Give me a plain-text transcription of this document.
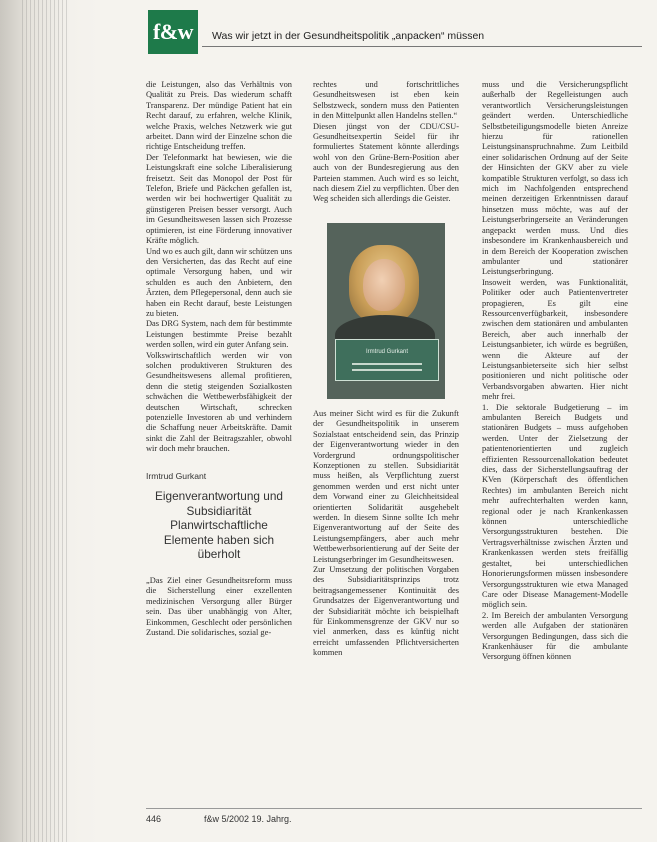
f&w	Was wir jetzt in der Gesundheitspolitik „anpacken“ müssen

die Leistungen, also das Verhältnis von Qualität zu Preis. Das wiederum schafft Transparenz. Der mündige Patient hat ein Recht darauf, zu erfahren, welche Klinik, welche Praxis, welches Netzwerk wie gut arbeitet. Dann wird der Einzelne schon die richtige Entscheidung treffen.

Der Telefonmarkt hat bewiesen, wie die Leistungskraft eine solche Liberalisierung freisetzt. Seit das Monopol der Post für Telefon, Briefe und Päckchen gefallen ist, werden wir bei hochwertiger Qualität zu günstigeren Preisen besser versorgt. Auch im Gesundheitswesen lassen sich Prozesse optimieren, ist eine Förderung innovativer Kräfte möglich.

Und wo es auch gilt, dann wir schützen uns den Versicherten, das das Recht auf eine optimale Versorgung haben, und wir schulden es auch den Anbietern, den Ärzten, dem Pflegepersonal, denn auch sie haben ein Recht darauf, beste Leistungen zu bieten.

Das DRG System, nach dem für bestimmte Leistungen bestimmte Preise bezahlt werden sollen, wird ein guter Anfang sein.

Volkswirtschaftlich werden wir von solchen produktiveren Strukturen des Gesundheitswesens allemal profitieren, denn die stetig steigenden Sozialkosten schwächen die Wettbewerbsfähigkeit der deutschen Wirtschaft, schrecken potenzielle Investoren ab und verhindern die Schaffung neuer Arbeitskräfte. Damit sinkt die Zahl der Beitragszahler, obwohl wir doch mehr brauchen.

Irmtrud Gurkant
Eigenverantwortung und Subsidiarität Planwirtschaftliche Elemente haben sich überholt

„Das Ziel einer Gesundheitsreform muss die Sicherstellung einer exzellenten medizinischen Versorgung aller Bürger sein. Das über unabhängig von Alter, Einkommen, Geschlecht oder persönlichen Zustand. Die solidarisches, sozial ge-

rechtes und fortschrittliches Gesundheitswesen ist eben kein Selbstzweck, sondern muss den Patienten in den Mittelpunkt allen Handelns stellen.“

Diesen jüngst von der CDU/CSU-Gesundheitsexpertin Seidel für ihr formuliertes Statement könnte allerdings wohl von den Grüne-Bern-Position aber auch von der Bundesregierung aus den Parteien stammen. Auch wird es so leicht, nach diesem Ziel zu verpflichten. Über den Weg scheiden sich allerdings die Geister.

Irmtrud Gurkant

Aus meiner Sicht wird es für die Zukunft der Gesundheitspolitik in unserem Sozialstaat entscheidend sein, das Prinzip der Eigenverantwortung wieder in den Vordergrund ordnungspolitischer Konzeptionen zu stellen. Subsidiarität muss heißen, als Verpflichtung zuerst genommen werden und erst nicht unter dem Vorwand einer zu Gleichheitsideal orientierten Solidarität ausgehebelt werden. In diesem Sinne sollte Ich mehr Eigenverantwortung auf der Seite des Leistungsempfängers, aber auch mehr Wettbewerbsorientierung auf der Seite der Leistungserbringer im Gesundheitswesen.

Zur Umsetzung der politischen Vorgaben des Subsidiaritätsprinzips trotz beitragsangemessener Kontinuität des Grundsatzes der Eigenverantwortung und der Subsidiarität möchte ich beispielhaft für Einkommensgrenze der GKV nur so viel anmerken, dass es künftig nicht erreicht umfassenden Pflichtversicherten kommen

muss und die Versicherungspflicht außerhalb der Regelleistungen auch verantwortlich Versicherungsleistungen geändert werden. Unterschiedliche Selbstbeteiligungsmodelle bieten Anreize hierzu für rationellen Leistungsinanspruchnahme. Zum Leitbild einer solidarischen Ordnung auf der Seite der Hinsichten der GKV aber zu viele kompatible Strukturen verfolgt, so dass ich mich im Nachfolgenden entsprechend meinen derzeitigen Erkenntnissen darauf hinsetzen muss möchte, was auf der Leistungserbringerseite an Veränderungen angepackt werden muss. Und dies insbesondere im Krankenhausbereich und in dem Bereich der Kooperation zwischen ambulanter und stationärer Leistungserbringung.

Insoweit werden, was Funktionalität, Politiker oder auch Patientenvertreter propagieren, Es gilt eine Ressourcenverfügbarkeit, insbesondere zwischen dem stationären und ambulanten Bereich, aber auch innerhalb der Leistungsanbieter, ich würde es begrüßen, wenn die Akteure auf der Leistungsanbieterseite sich hier selbst positionieren und nicht politische oder Verbandsvorgaben abwarten. Hier nicht mehr frei.

1. Die sektorale Budgetierung – im ambulanten Bereich Budgets und stationären Budgets – muss aufgehoben werden. Unter der Zielsetzung der patientenorientierten und zugleich effizienten Ressourcenallokation bedeutet dies, dass der Sicherstellungsauftrag der KVen (Körperschaft des öffentlichen Rechtes) im ambulanten Bereich nicht mehr aufrechterhalten werden kann, regional oder je nach Krankenkassen können unterschiedliche Versorgungsstrukturen bestehen. Die Vertragsverhältnisse zwischen Ärzten und Krankenkassen werden stets freifällig gestaltet, bei unterschiedlichen Honorierungsformen müssen insbesondere Versorgungsstrukturen wie etwa Managed Care oder Disease Management-Modelle möglich sein.

2. Im Bereich der ambulanten Versorgung werden alle Aufgaben der stationären Versorgungen Bedingungen, dass sich die Krankenhäuser für die ambulante Versorgung öffnen können

446	f&w 5/2002 19. Jahrg.
